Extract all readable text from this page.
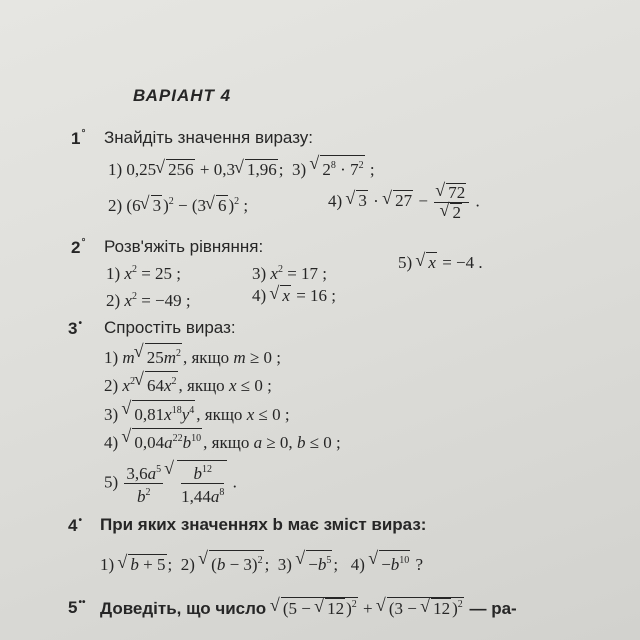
ВАРІАНТ 4
1° Знайдіть значення виразу:
1) 0,25√ 256 + 0,3√ 1,96 ;  3) √ $2^8 \cdot 7^2$ ;
2) (6√ 3 )$^2$ − (3√ 6 )$^2$ ;	4) √ 3 · √ 27 −
√ 72
√ 2 .
2° Розв'яжіть рівняння:
1) $x^2 = 25$ ;	3) $x^2 = 17$ ;
5) √ x = −4 .
2) $x^2 = -49$ ;	4) √ x = 16 ;
3• Спростіть вираз:
1) m√ $25m^2$ , якщо m ≥ 0 ;
2) $x^2√$ $64x^2$ , якщо x ≤ 0 ;
3) √ $0,81x^{18}y^4$ , якщо x ≤ 0 ;
4) √ $0,04a^{22}b^{10}$ , якщо a ≥ 0, b ≤ 0 ;
$5) \frac{3,6a^5}{b^2}$
√ $\frac{b^{12}}{1,44a^8}$ .
4• При яких значеннях b має зміст вираз:
1) √ b + 5 ;  2) √ $(b - 3)^2$ ;  3) √ $-b^5$ ;   4) √ $-b^{10}$ ?
5•• Доведіть, що число √ (5 − √ 12 )$^2$ + √ (3 − √ 12 )$^2$ — ра-
